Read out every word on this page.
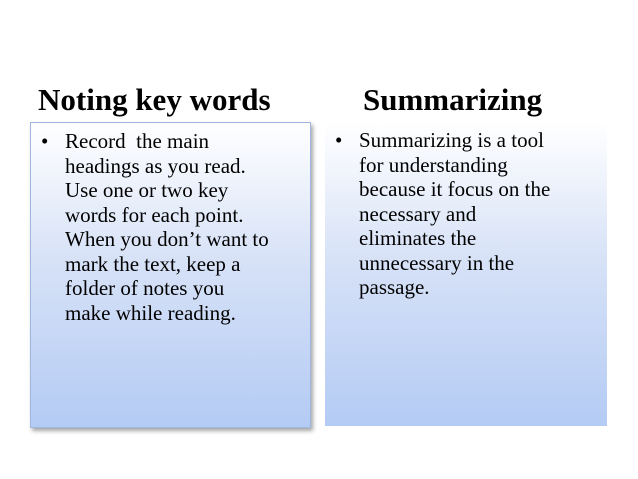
Noting key words	Summarizing
• Record  the main
headings as you read.
Use one or two key
words for each point.
When you don’t want to
mark the text, keep a
folder of notes you
make while reading.
• Summarizing is a tool
for understanding
because it focus on the
necessary and
eliminates the
unnecessary in the
passage.
